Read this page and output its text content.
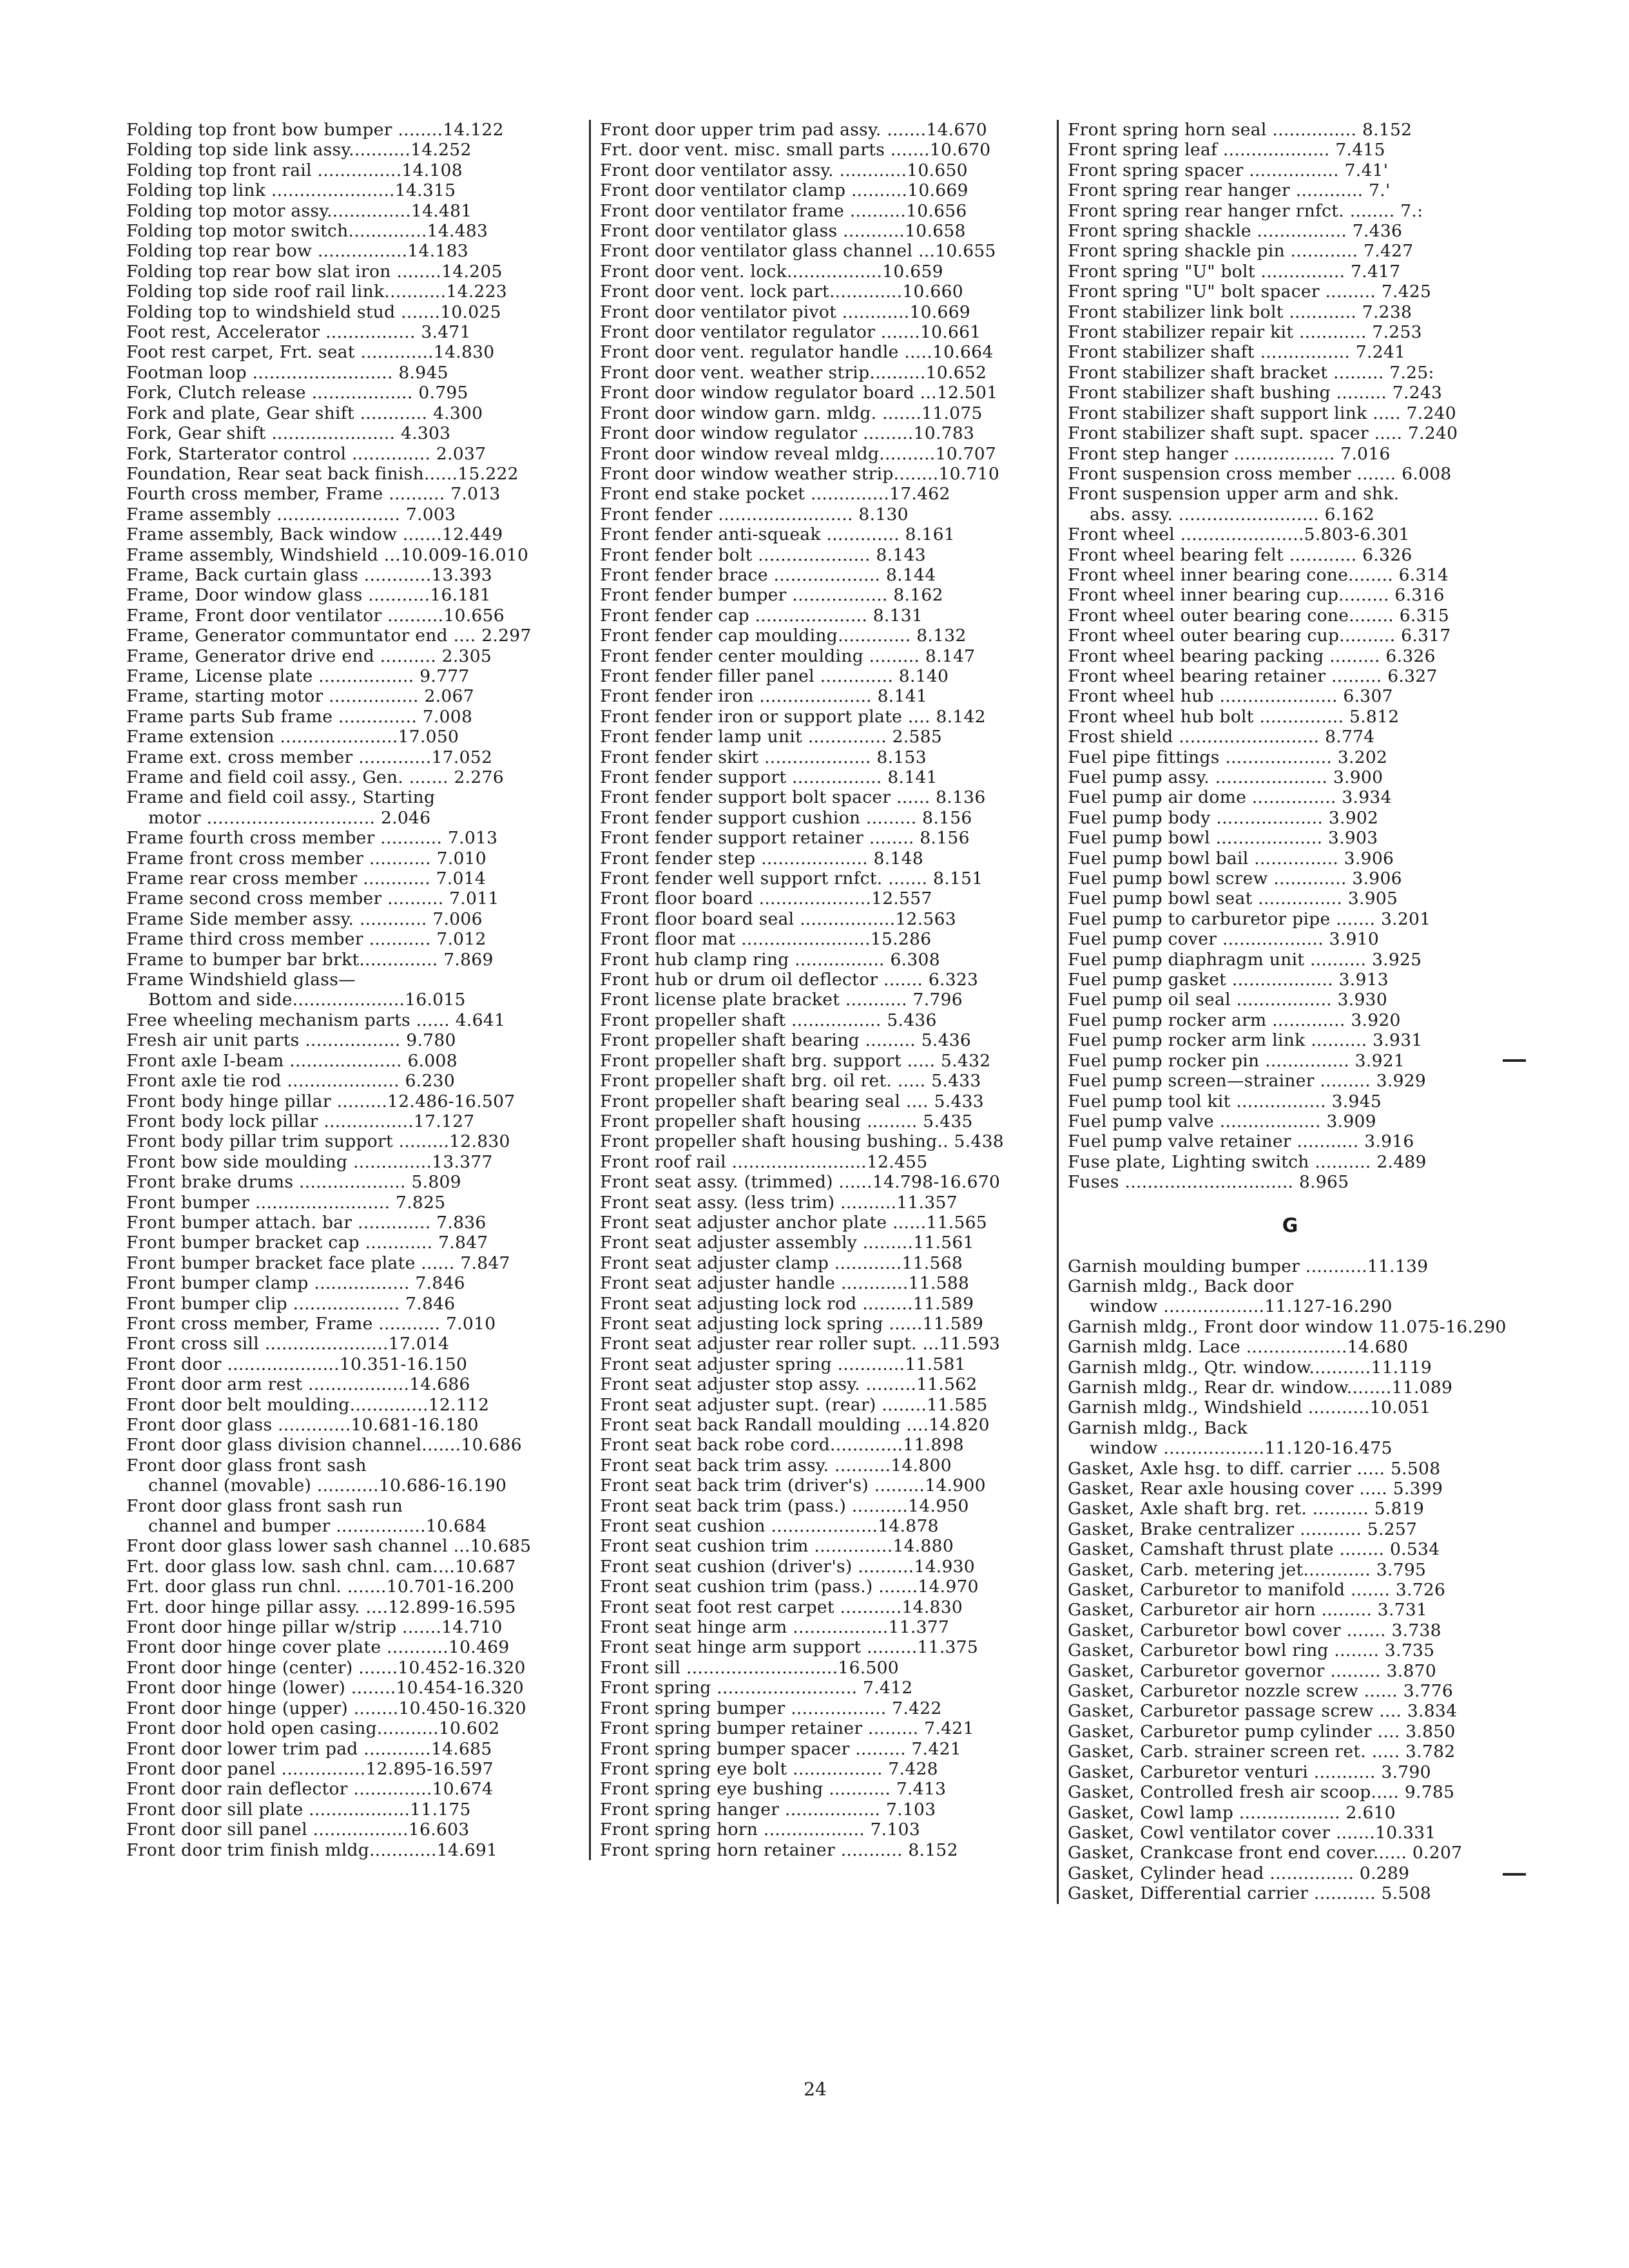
Folding top front bow bumper ........14.122
Folding top side link assy...........14.252
Folding top front rail ...............14.108
Folding top link ......................14.315
Folding top motor assy...............14.481
Folding top motor switch..............14.483
Folding top rear bow ................14.183
Folding top rear bow slat iron ........14.205
Folding top side roof rail link...........14.223
Folding top to windshield stud .......10.025
Foot rest, Accelerator ................ 3.471
Foot rest carpet, Frt. seat .............14.830
Footman loop ......................... 8.945
Fork, Clutch release .................. 0.795
Fork and plate, Gear shift ............ 4.300
Fork, Gear shift ...................... 4.303
Fork, Starterator control .............. 2.037
Foundation, Rear seat back finish......15.222
Fourth cross member, Frame .......... 7.013
Frame assembly ...................... 7.003
Frame assembly, Back window .......12.449
Frame assembly, Windshield ...10.009-16.010
Frame, Back curtain glass ............13.393
Frame, Door window glass ...........16.181
Frame, Front door ventilator ..........10.656
Frame, Generator communtator end .... 2.297
Frame, Generator drive end .......... 2.305
Frame, License plate ................. 9.777
Frame, starting motor ................ 2.067
Frame parts Sub frame .............. 7.008
Frame extension .....................17.050
Frame ext. cross member .............17.052
Frame and field coil assy., Gen. ....... 2.276
Frame and field coil assy., Starting
motor .............................. 2.046
Frame fourth cross member ........... 7.013
Frame front cross member ........... 7.010
Frame rear cross member ............ 7.014
Frame second cross member .......... 7.011
Frame Side member assy. ............ 7.006
Frame third cross member ........... 7.012
Frame to bumper bar brkt.............. 7.869
Frame Windshield glass—
Bottom and side....................16.015
Free wheeling mechanism parts ...... 4.641
Fresh air unit parts ................. 9.780
Front axle I-beam .................... 6.008
Front axle tie rod .................... 6.230
Front body hinge pillar .........12.486-16.507
Front body lock pillar ................17.127
Front body pillar trim support .........12.830
Front bow side moulding ..............13.377
Front brake drums ................... 5.809
Front bumper ........................ 7.825
Front bumper attach. bar ............. 7.836
Front bumper bracket cap ............ 7.847
Front bumper bracket face plate ...... 7.847
Front bumper clamp ................. 7.846
Front bumper clip ................... 7.846
Front cross member, Frame ........... 7.010
Front cross sill ......................17.014
Front door ....................10.351-16.150
Front door arm rest ..................14.686
Front door belt moulding..............12.112
Front door glass .............10.681-16.180
Front door glass division channel.......10.686
Front door glass front sash
channel (movable) ...........10.686-16.190
Front door glass front sash run
channel and bumper ................10.684
Front door glass lower sash channel ...10.685
Frt. door glass low. sash chnl. cam....10.687
Frt. door glass run chnl. .......10.701-16.200
Frt. door hinge pillar assy. ....12.899-16.595
Front door hinge pillar w/strip .......14.710
Front door hinge cover plate ...........10.469
Front door hinge (center) .......10.452-16.320
Front door hinge (lower) ........10.454-16.320
Front door hinge (upper) ........10.450-16.320
Front door hold open casing...........10.602
Front door lower trim pad ............14.685
Front door panel ...............12.895-16.597
Front door rain deflector ..............10.674
Front door sill plate ..................11.175
Front door sill panel .................16.603
Front door trim finish mldg............14.691
Front door upper trim pad assy. .......14.670
Frt. door vent. misc. small parts .......10.670
Front door ventilator assy. ............10.650
Front door ventilator clamp ..........10.669
Front door ventilator frame ..........10.656
Front door ventilator glass ...........10.658
Front door ventilator glass channel ...10.655
Front door vent. lock.................10.659
Front door vent. lock part.............10.660
Front door ventilator pivot ............10.669
Front door ventilator regulator .......10.661
Front door vent. regulator handle .....10.664
Front door vent. weather strip..........10.652
Front door window regulator board ...12.501
Front door window garn. mldg. .......11.075
Front door window regulator .........10.783
Front door window reveal mldg..........10.707
Front door window weather strip........10.710
Front end stake pocket ..............17.462
Front fender ........................ 8.130
Front fender anti-squeak ............. 8.161
Front fender bolt .................... 8.143
Front fender brace ................... 8.144
Front fender bumper ................. 8.162
Front fender cap .................... 8.131
Front fender cap moulding............. 8.132
Front fender center moulding ......... 8.147
Front fender filler panel ............. 8.140
Front fender iron .................... 8.141
Front fender iron or support plate .... 8.142
Front fender lamp unit .............. 2.585
Front fender skirt ................... 8.153
Front fender support ................ 8.141
Front fender support bolt spacer ...... 8.136
Front fender support cushion ......... 8.156
Front fender support retainer ........ 8.156
Front fender step ................... 8.148
Front fender well support rnfct. ....... 8.151
Front floor board ....................12.557
Front floor board seal .................12.563
Front floor mat .......................15.286
Front hub clamp ring ................ 6.308
Front hub or drum oil deflector ....... 6.323
Front license plate bracket ........... 7.796
Front propeller shaft ................ 5.436
Front propeller shaft bearing ......... 5.436
Front propeller shaft brg. support ..... 5.432
Front propeller shaft brg. oil ret. ..... 5.433
Front propeller shaft bearing seal .... 5.433
Front propeller shaft housing ......... 5.435
Front propeller shaft housing bushing.. 5.438
Front roof rail ........................12.455
Front seat assy. (trimmed) ......14.798-16.670
Front seat assy. (less trim) ..........11.357
Front seat adjuster anchor plate ......11.565
Front seat adjuster assembly .........11.561
Front seat adjuster clamp ............11.568
Front seat adjuster handle ............11.588
Front seat adjusting lock rod .........11.589
Front seat adjusting lock spring ......11.589
Front seat adjuster rear roller supt. ...11.593
Front seat adjuster spring ............11.581
Front seat adjuster stop assy. .........11.562
Front seat adjuster supt. (rear) ........11.585
Front seat back Randall moulding ....14.820
Front seat back robe cord.............11.898
Front seat back trim assy. ..........14.800
Front seat back trim (driver's) .........14.900
Front seat back trim (pass.) ..........14.950
Front seat cushion ...................14.878
Front seat cushion trim ..............14.880
Front seat cushion (driver's) ..........14.930
Front seat cushion trim (pass.) .......14.970
Front seat foot rest carpet ...........14.830
Front seat hinge arm .................11.377
Front seat hinge arm support .........11.375
Front sill ...........................16.500
Front spring ......................... 7.412
Front spring bumper ................. 7.422
Front spring bumper retainer ......... 7.421
Front spring bumper spacer ......... 7.421
Front spring eye bolt ................ 7.428
Front spring eye bushing ........... 7.413
Front spring hanger ................. 7.103
Front spring horn .................. 7.103
Front spring horn retainer ........... 8.152
Front spring horn seal ............... 8.152
Front spring leaf ................... 7.415
Front spring spacer ................ 7.41'
Front spring rear hanger ............ 7.'
Front spring rear hanger rnfct. ........ 7.:
Front spring shackle ................ 7.436
Front spring shackle pin ............ 7.427
Front spring "U" bolt ............... 7.417
Front spring "U" bolt spacer ......... 7.425
Front stabilizer link bolt ............ 7.238
Front stabilizer repair kit ............ 7.253
Front stabilizer shaft ................ 7.241
Front stabilizer shaft bracket ......... 7.25:
Front stabilizer shaft bushing ......... 7.243
Front stabilizer shaft support link ..... 7.240
Front stabilizer shaft supt. spacer ..... 7.240
Front step hanger .................. 7.016
Front suspension cross member ....... 6.008
Front suspension upper arm and shk.
abs. assy. ......................... 6.162
Front wheel ......................5.803-6.301
Front wheel bearing felt ............ 6.326
Front wheel inner bearing cone........ 6.314
Front wheel inner bearing cup......... 6.316
Front wheel outer bearing cone........ 6.315
Front wheel outer bearing cup.......... 6.317
Front wheel bearing packing ......... 6.326
Front wheel bearing retainer ......... 6.327
Front wheel hub ..................... 6.307
Front wheel hub bolt ............... 5.812
Frost shield ......................... 8.774
Fuel pipe fittings ................... 3.202
Fuel pump assy. .................... 3.900
Fuel pump air dome ............... 3.934
Fuel pump body ................... 3.902
Fuel pump bowl ................... 3.903
Fuel pump bowl bail ............... 3.906
Fuel pump bowl screw ............. 3.906
Fuel pump bowl seat ............... 3.905
Fuel pump to carburetor pipe ....... 3.201
Fuel pump cover .................. 3.910
Fuel pump diaphragm unit .......... 3.925
Fuel pump gasket .................. 3.913
Fuel pump oil seal ................. 3.930
Fuel pump rocker arm ............. 3.920
Fuel pump rocker arm link .......... 3.931
Fuel pump rocker pin ............... 3.921
Fuel pump screen—strainer ......... 3.929
Fuel pump tool kit ................ 3.945
Fuel pump valve .................. 3.909
Fuel pump valve retainer ........... 3.916
Fuse plate, Lighting switch .......... 2.489
Fuses .............................. 8.965
G
Garnish moulding bumper ...........11.139
Garnish mldg., Back door
window ..................11.127-16.290
Garnish mldg., Front door window 11.075-16.290
Garnish mldg. Lace ..................14.680
Garnish mldg., Qtr. window...........11.119
Garnish mldg., Rear dr. window........11.089
Garnish mldg., Windshield ...........10.051
Garnish mldg., Back
window ..................11.120-16.475
Gasket, Axle hsg. to diff. carrier ..... 5.508
Gasket, Rear axle housing cover ..... 5.399
Gasket, Axle shaft brg. ret. .......... 5.819
Gasket, Brake centralizer ........... 5.257
Gasket, Camshaft thrust plate ........ 0.534
Gasket, Carb. metering jet............ 3.795
Gasket, Carburetor to manifold ....... 3.726
Gasket, Carburetor air horn ......... 3.731
Gasket, Carburetor bowl cover ....... 3.738
Gasket, Carburetor bowl ring ........ 3.735
Gasket, Carburetor governor ......... 3.870
Gasket, Carburetor nozzle screw ...... 3.776
Gasket, Carburetor passage screw .... 3.834
Gasket, Carburetor pump cylinder .... 3.850
Gasket, Carb. strainer screen ret. ..... 3.782
Gasket, Carburetor venturi ........... 3.790
Gasket, Controlled fresh air scoop..... 9.785
Gasket, Cowl lamp .................. 2.610
Gasket, Cowl ventilator cover .......10.331
Gasket, Crankcase front end cover...... 0.207
Gasket, Cylinder head ............... 0.289
Gasket, Differential carrier ........... 5.508
24
